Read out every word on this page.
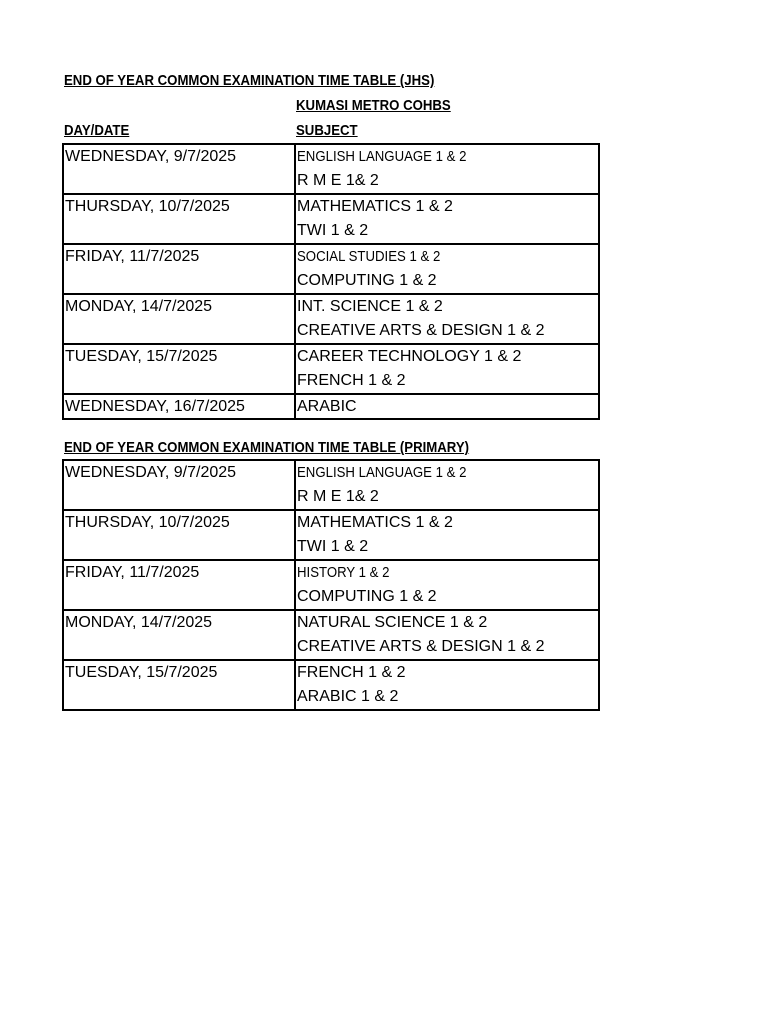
END OF YEAR COMMON EXAMINATION TIME TABLE (JHS)
KUMASI METRO COHBS
DAY/DATE	SUBJECT
WEDNESDAY, 9/7/2025	ENGLISH LANGUAGE 1 & 2
R M E 1& 2
THURSDAY, 10/7/2025	MATHEMATICS 1 & 2
TWI 1 & 2
FRIDAY, 11/7/2025	SOCIAL STUDIES 1 & 2
COMPUTING 1 & 2
MONDAY, 14/7/2025	INT. SCIENCE 1 & 2
CREATIVE ARTS & DESIGN 1 & 2
TUESDAY, 15/7/2025	CAREER TECHNOLOGY 1 & 2
FRENCH 1 & 2
WEDNESDAY, 16/7/2025	ARABIC
END OF YEAR COMMON EXAMINATION TIME TABLE (PRIMARY)
WEDNESDAY, 9/7/2025	ENGLISH LANGUAGE 1 & 2
R M E 1& 2
THURSDAY, 10/7/2025	MATHEMATICS 1 & 2
TWI 1 & 2
FRIDAY, 11/7/2025	HISTORY 1 & 2
COMPUTING 1 & 2
MONDAY, 14/7/2025	NATURAL SCIENCE 1 & 2
CREATIVE ARTS & DESIGN 1 & 2
TUESDAY, 15/7/2025	FRENCH 1 & 2
ARABIC 1 & 2
